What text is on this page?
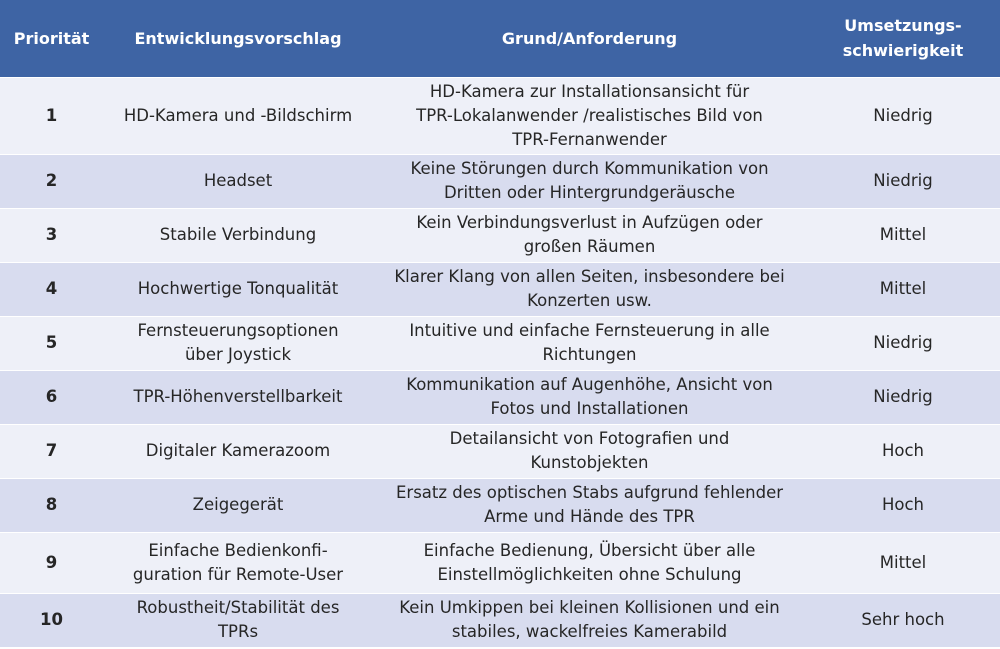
Priorität	Entwicklungsvorschlag	Grund/Anforderung	Umsetzungs-
schwierigkeit
1	HD-Kamera und -Bildschirm	HD-Kamera zur Installationsansicht für
TPR-Lokalanwender /realistisches Bild von
TPR-Fernanwender	Niedrig
2	Headset	Keine Störungen durch Kommunikation von
Dritten oder Hintergrundgeräusche	Niedrig
3	Stabile Verbindung	Kein Verbindungsverlust in Aufzügen oder
großen Räumen	Mittel
4	Hochwertige Tonqualität	Klarer Klang von allen Seiten, insbesondere bei
Konzerten usw.	Mittel
5	Fernsteuerungsoptionen
über Joystick	Intuitive und einfache Fernsteuerung in alle
Richtungen	Niedrig
6	TPR-Höhenverstellbarkeit	Kommunikation auf Augenhöhe, Ansicht von
Fotos und Installationen	Niedrig
7	Digitaler Kamerazoom	Detailansicht von Fotografien und
Kunstobjekten	Hoch
8	Zeigegerät	Ersatz des optischen Stabs aufgrund fehlender
Arme und Hände des TPR	Hoch
9	Einfache Bedienkonfi-
guration für Remote-User	Einfache Bedienung, Übersicht über alle
Einstellmöglichkeiten ohne Schulung	Mittel
10	Robustheit/Stabilität des
TPRs	Kein Umkippen bei kleinen Kollisionen und ein
stabiles, wackelfreies Kamerabild	Sehr hoch
